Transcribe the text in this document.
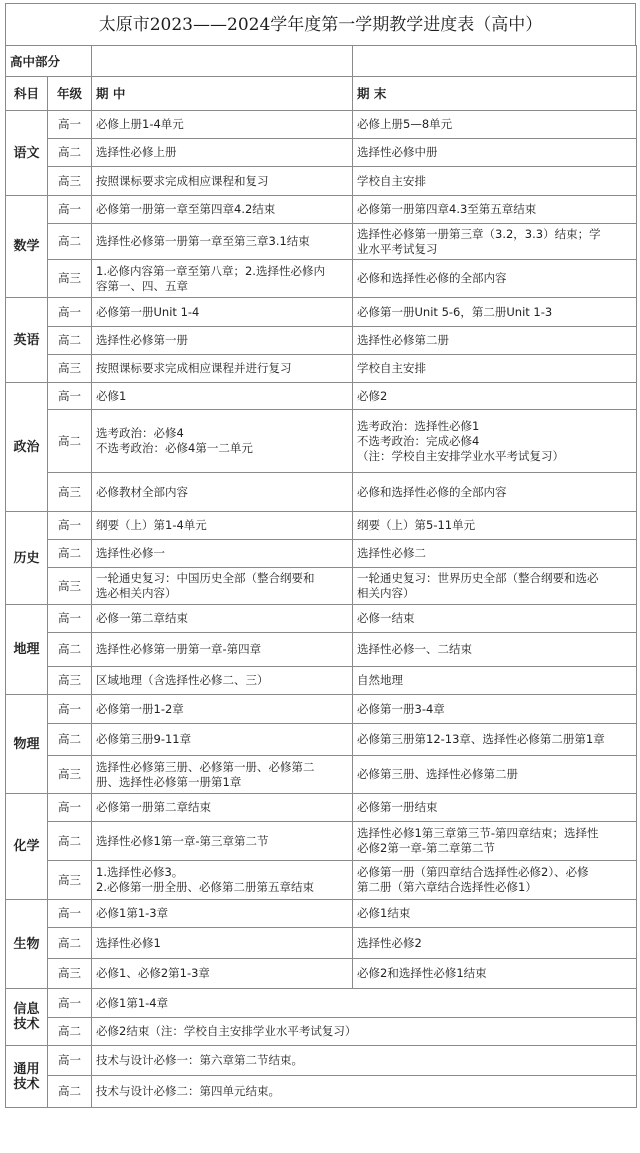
太原市2023——2024学年度第一学期教学进度表（高中）
高中部分			
科目	年级	期 中	期 末

语文	高一	必修上册1-4单元	必修上册5—8单元

	高二	选择性必修上册	选择性必修中册

	高三	按照课标要求完成相应课程和复习	学校自主安排

数学	高一	必修第一册第一章至第四章4.2结束	必修第一册第四章4.3至第五章结束

	高二	选择性必修第一册第一章至第三章3.1结束	选择性必修第一册第三章（3.2，3.3）结束；学
业水平考试复习

	高三	1.必修内容第一章至第八章；2.选择性必修内
容第一、四、五章	必修和选择性必修的全部内容

英语	高一	必修第一册Unit 1-4	必修第一册Unit 5-6，第二册Unit 1-3

	高二	选择性必修第一册	选择性必修第二册

	高三	按照课标要求完成相应课程并进行复习	学校自主安排

政治	高一	必修1	必修2

	高二	选考政治：必修4
不选考政治：必修4第一二单元	选考政治：选择性必修1
不选考政治：完成必修4
（注：学校自主安排学业水平考试复习）

	高三	必修教材全部内容	必修和选择性必修的全部内容

历史	高一	纲要（上）第1-4单元	纲要（上）第5-11单元

	高二	选择性必修一	选择性必修二

	高三	一轮通史复习：中国历史全部（整合纲要和
选必相关内容）	一轮通史复习：世界历史全部（整合纲要和选必
相关内容）

地理	高一	必修一第二章结束	必修一结束

	高二	选择性必修第一册第一章-第四章	选择性必修一、二结束

	高三	区域地理（含选择性必修二、三）	自然地理

物理	高一	必修第一册1-2章	必修第一册3-4章

	高二	必修第三册9-11章	必修第三册第12-13章、选择性必修第二册第1章

	高三	选择性必修第三册、必修第一册、必修第二
册、选择性必修第一册第1章	必修第三册、选择性必修第二册

化学	高一	必修第一册第二章结束	必修第一册结束

	高二	选择性必修1第一章-第三章第二节	选择性必修1第三章第三节-第四章结束；选择性
必修2第一章-第二章第二节

	高三	1.选择性必修3。
2.必修第一册全册、必修第二册第五章结束	必修第一册（第四章结合选择性必修2）、必修
第二册（第六章结合选择性必修1）

生物	高一	必修1第1-3章	必修1结束

	高二	选择性必修1	选择性必修2

	高三	必修1、必修2第1-3章	必修2和选择性必修1结束

信息
技术	高一	必修1第1-4章	

	高二	必修2结束（注：学校自主安排学业水平考试复习）	

通用
技术	高一	技术与设计必修一：第六章第二节结束。	

	高二	技术与设计必修二：第四单元结束。	
